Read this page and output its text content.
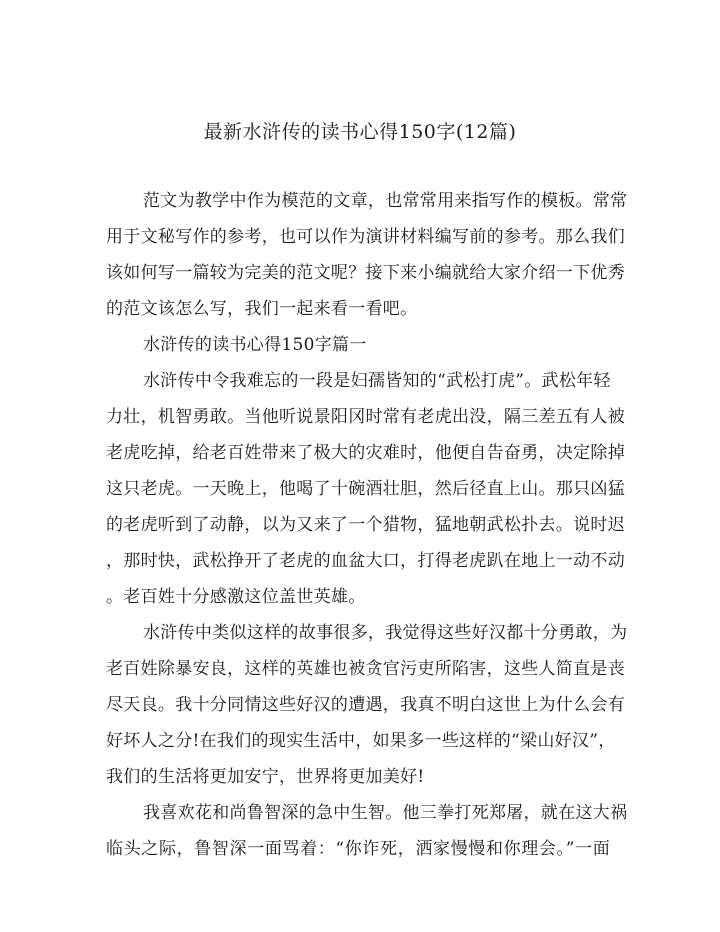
最新水浒传的读书心得150字(12篇)
范文为教学中作为模范的文章，也常常用来指写作的模板。常常
用于文秘写作的参考，也可以作为演讲材料编写前的参考。那么我们
该如何写一篇较为完美的范文呢？接下来小编就给大家介绍一下优秀
的范文该怎么写，我们一起来看一看吧。
水浒传的读书心得150字篇一
水浒传中令我难忘的一段是妇孺皆知的“武松打虎”。武松年轻
力壮，机智勇敢。当他听说景阳冈时常有老虎出没，隔三差五有人被
老虎吃掉，给老百姓带来了极大的灾难时，他便自告奋勇，决定除掉
这只老虎。一天晚上，他喝了十碗酒壮胆，然后径直上山。那只凶猛
的老虎听到了动静，以为又来了一个猎物，猛地朝武松扑去。说时迟
，那时快，武松挣开了老虎的血盆大口，打得老虎趴在地上一动不动
。老百姓十分感激这位盖世英雄。
水浒传中类似这样的故事很多，我觉得这些好汉都十分勇敢，为
老百姓除暴安良，这样的英雄也被贪官污吏所陷害，这些人简直是丧
尽天良。我十分同情这些好汉的遭遇，我真不明白这世上为什么会有
好坏人之分!在我们的现实生活中，如果多一些这样的“梁山好汉”，
我们的生活将更加安宁，世界将更加美好!
我喜欢花和尚鲁智深的急中生智。他三拳打死郑屠，就在这大祸
临头之际，鲁智深一面骂着：“你诈死，洒家慢慢和你理会。”一面
